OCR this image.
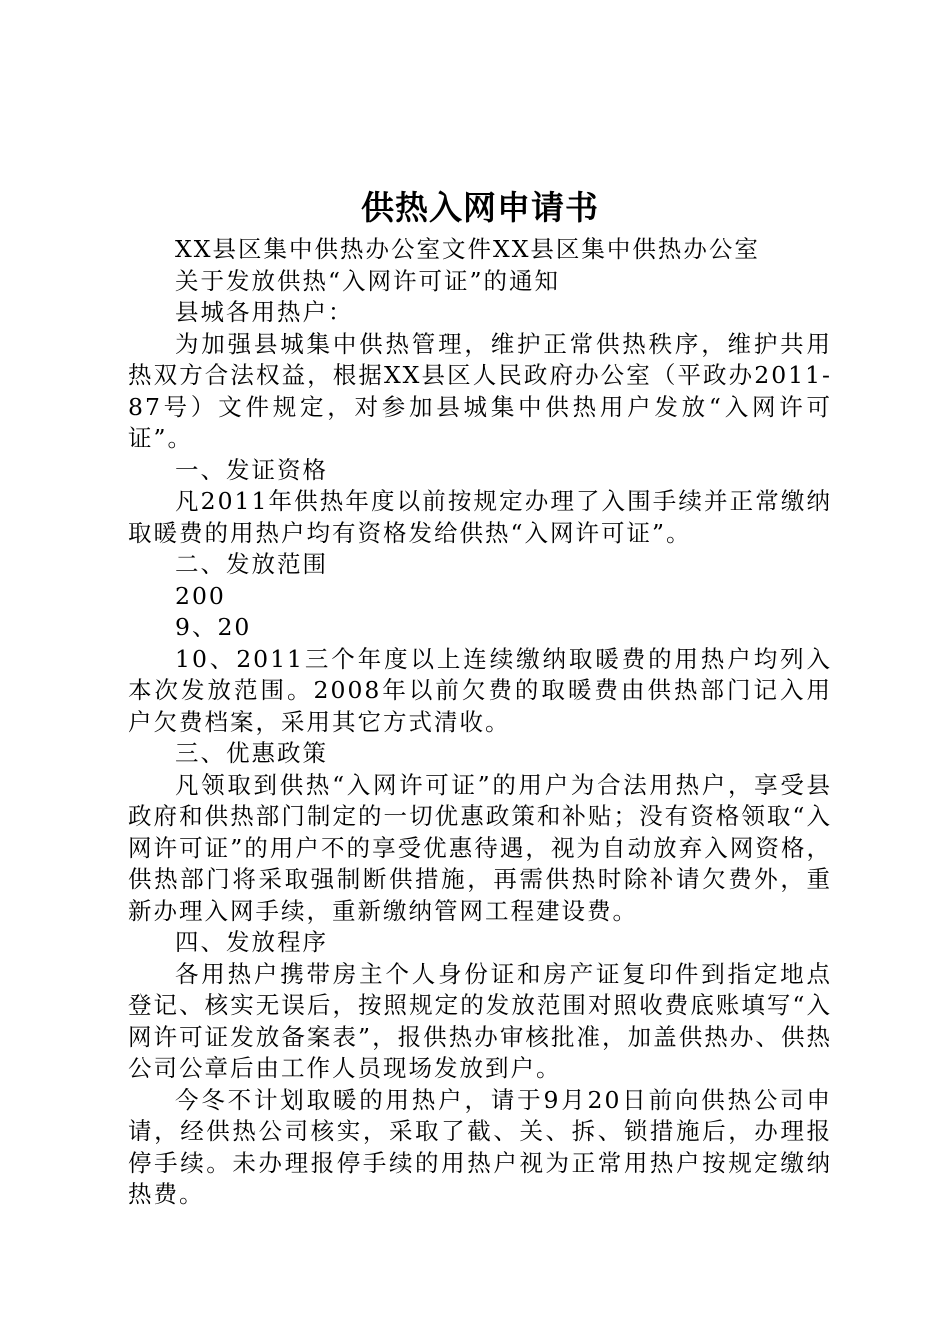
供热入网申请书

XX县区集中供热办公室文件XX县区集中供热办公室

关于发放供热“入网许可证”的通知

县城各用热户：

为加强县城集中供热管理，维护正常供热秩序，维护共用热双方合法权益，根据XX县区人民政府办公室（平政办2011-87号）文件规定，对参加县城集中供热用户发放“入网许可证”。

一、发证资格

凡2011年供热年度以前按规定办理了入围手续并正常缴纳取暖费的用热户均有资格发给供热“入网许可证”。

二、发放范围

200

9、20

10、2011三个年度以上连续缴纳取暖费的用热户均列入本次发放范围。2008年以前欠费的取暖费由供热部门记入用户欠费档案，采用其它方式清收。

三、优惠政策

凡领取到供热“入网许可证”的用户为合法用热户，享受县政府和供热部门制定的一切优惠政策和补贴；没有资格领取“入网许可证”的用户不的享受优惠待遇，视为自动放弃入网资格，供热部门将采取强制断供措施，再需供热时除补请欠费外，重新办理入网手续，重新缴纳管网工程建设费。

四、发放程序

各用热户携带房主个人身份证和房产证复印件到指定地点登记、核实无误后，按照规定的发放范围对照收费底账填写“入网许可证发放备案表”，报供热办审核批准，加盖供热办、供热公司公章后由工作人员现场发放到户。

今冬不计划取暖的用热户，请于9月20日前向供热公司申请，经供热公司核实，采取了截、关、拆、锁措施后，办理报停手续。未办理报停手续的用热户视为正常用热户按规定缴纳热费。
